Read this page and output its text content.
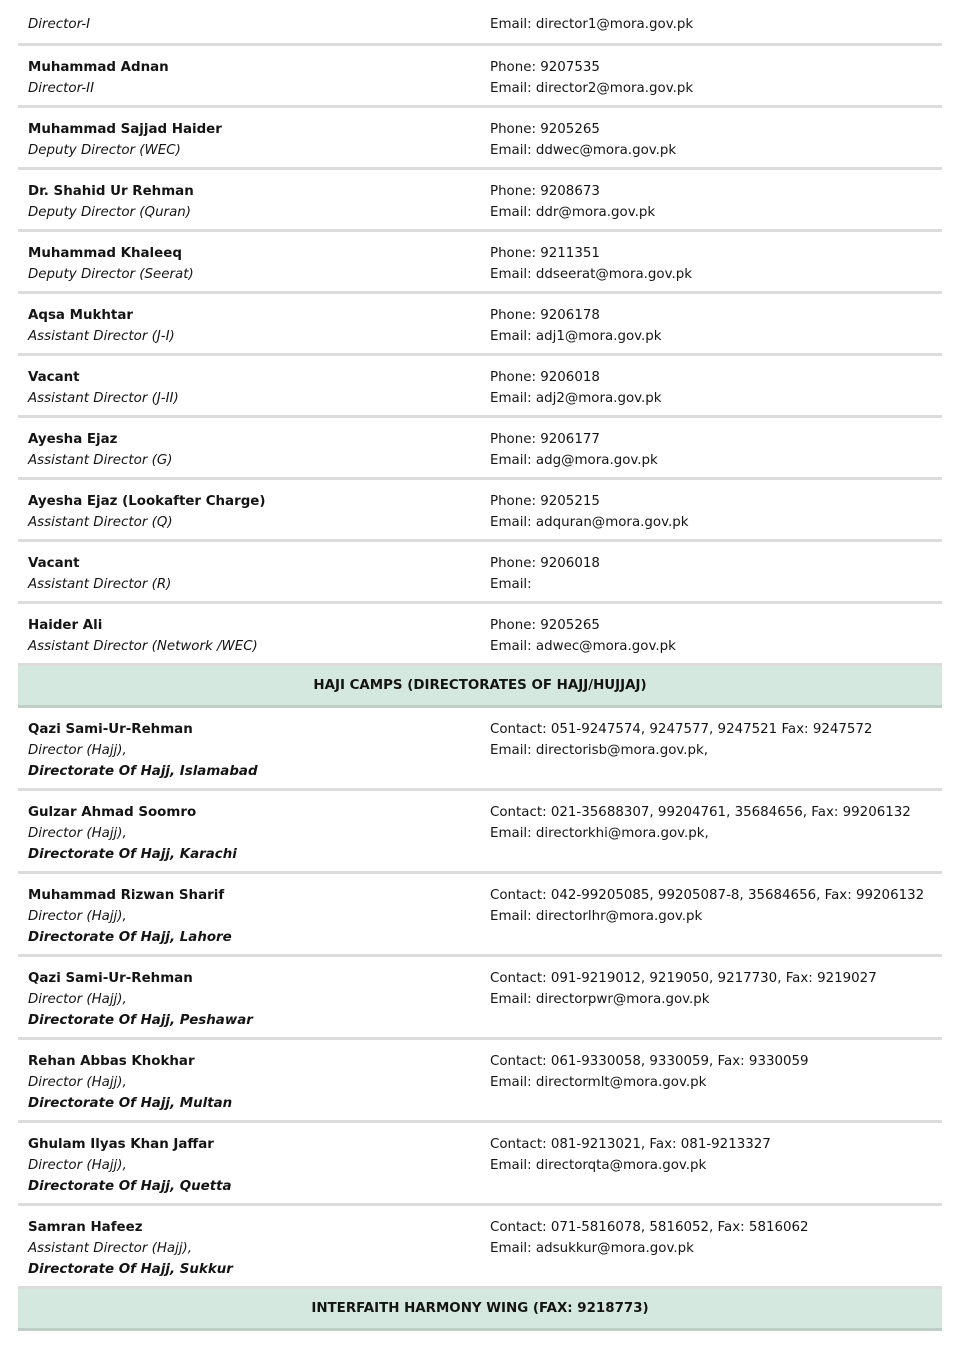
Director-I	Email: director1@mora.gov.pk
Muhammad Adnan
Director-II
Phone: 9207535
Email: director2@mora.gov.pk
Muhammad Sajjad Haider
Deputy Director (WEC)
Phone: 9205265
Email: ddwec@mora.gov.pk
Dr. Shahid Ur Rehman
Deputy Director (Quran)
Phone: 9208673
Email: ddr@mora.gov.pk
Muhammad Khaleeq
Deputy Director (Seerat)
Phone: 9211351
Email: ddseerat@mora.gov.pk
Aqsa Mukhtar
Assistant Director (J-I)
Phone: 9206178
Email: adj1@mora.gov.pk
Vacant
Assistant Director (J-II)
Phone: 9206018
Email: adj2@mora.gov.pk
Ayesha Ejaz
Assistant Director (G)
Phone: 9206177
Email: adg@mora.gov.pk
Ayesha Ejaz (Lookafter Charge)
Assistant Director (Q)
Phone: 9205215
Email: adquran@mora.gov.pk
Vacant
Assistant Director (R)
Phone: 9206018
Email:
Haider Ali
Assistant Director (Network /WEC)
Phone: 9205265
Email: adwec@mora.gov.pk
HAJI CAMPS (DIRECTORATES OF HAJJ/HUJJAJ)
Qazi Sami-Ur-Rehman
Director (Hajj),
Directorate Of Hajj, Islamabad
Contact: 051-9247574, 9247577, 9247521 Fax: 9247572
Email: directorisb@mora.gov.pk,
Gulzar Ahmad Soomro
Director (Hajj),
Directorate Of Hajj, Karachi
Contact: 021-35688307, 99204761, 35684656, Fax: 99206132
Email: directorkhi@mora.gov.pk,
Muhammad Rizwan Sharif
Director (Hajj),
Directorate Of Hajj, Lahore
Contact: 042-99205085, 99205087-8, 35684656, Fax: 99206132
Email: directorlhr@mora.gov.pk
Qazi Sami-Ur-Rehman
Director (Hajj),
Directorate Of Hajj, Peshawar
Contact: 091-9219012, 9219050, 9217730, Fax: 9219027
Email: directorpwr@mora.gov.pk
Rehan Abbas Khokhar
Director (Hajj),
Directorate Of Hajj, Multan
Contact: 061-9330058, 9330059, Fax: 9330059
Email: directormlt@mora.gov.pk
Ghulam Ilyas Khan Jaffar
Director (Hajj),
Directorate Of Hajj, Quetta
Contact: 081-9213021, Fax: 081-9213327
Email: directorqta@mora.gov.pk
Samran Hafeez
Assistant Director (Hajj),
Directorate Of Hajj, Sukkur
Contact: 071-5816078, 5816052, Fax: 5816062
Email: adsukkur@mora.gov.pk
INTERFAITH HARMONY WING (FAX: 9218773)
